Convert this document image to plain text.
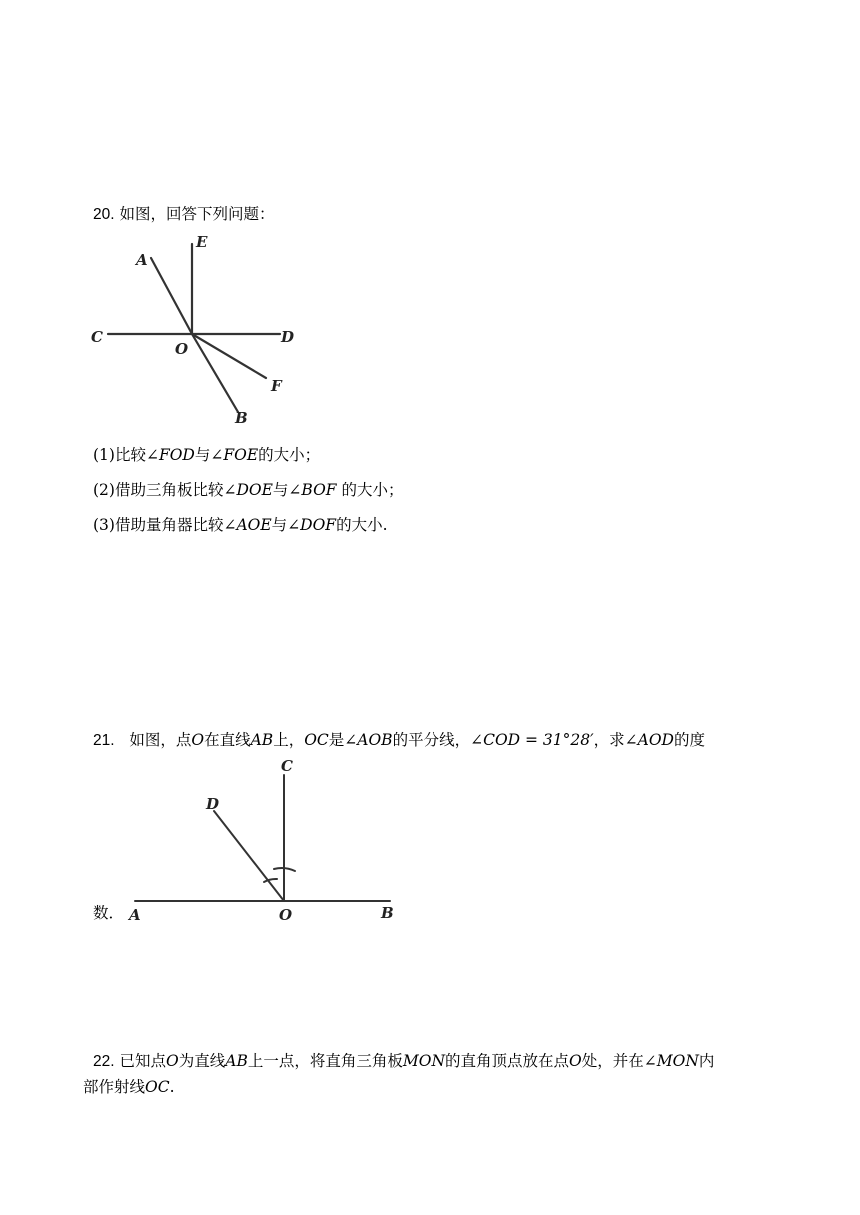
20. 如图，回答下列问题：
A
E
C
O
D
F
B
(1)比较∠FOD与∠FOE的大小；
(2)借助三角板比较∠DOE与∠BOF 的大小；
(3)借助量角器比较∠AOE与∠DOF的大小.
21. 如图，点O在直线AB上，OC是∠AOB的平分线，∠COD = 31°28′，求∠AOD的度
数． A	O	B
C
D
22. 已知点O为直线AB上一点，将直角三角板MON的直角顶点放在点O处，并在∠MON内
部作射线OC.
